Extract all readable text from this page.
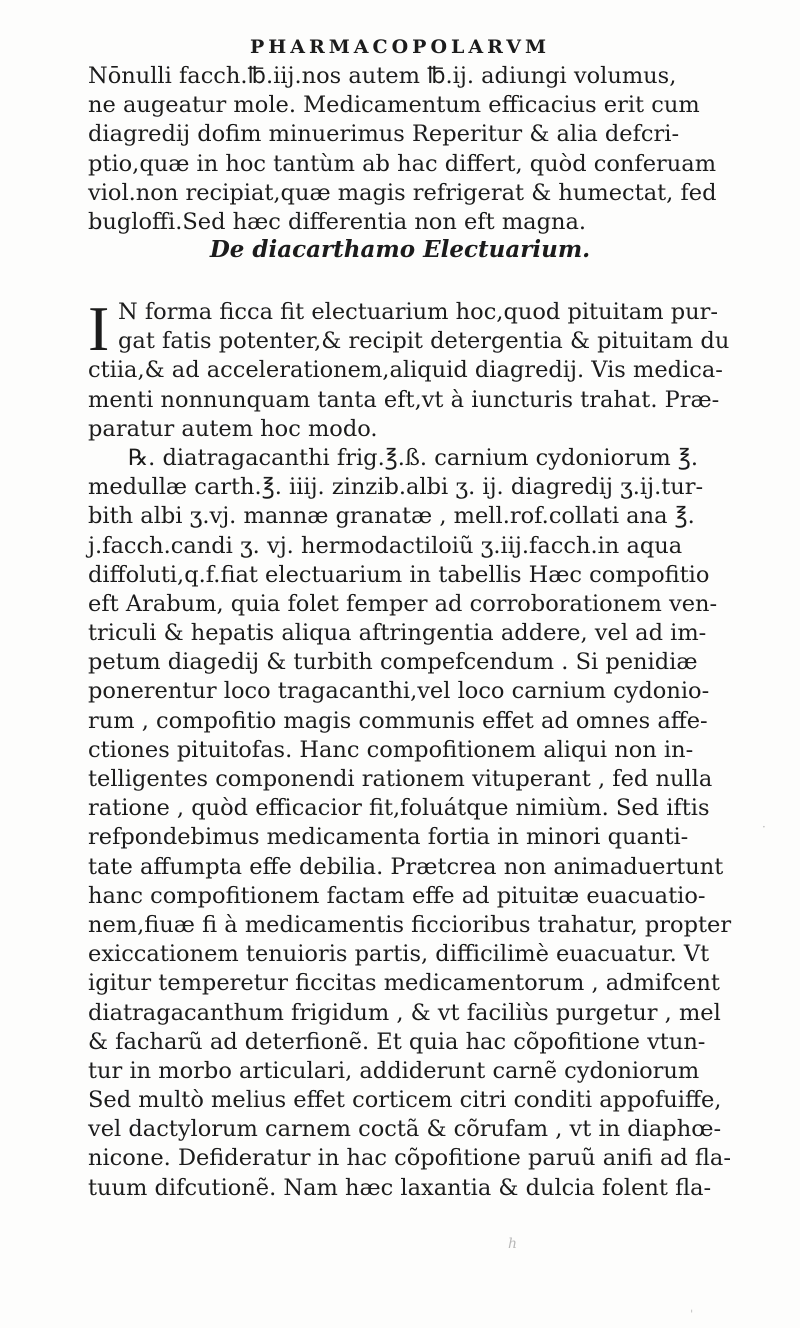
PHARMACOPOLARVM
Nōnulli facch.℔.iij.nos autem ℔.ij. adiungi volumus,
ne augeatur mole. Medicamentum efficacius erit cum
diagredij dofim minuerimus Reperitur & alia defcri-
ptio,quæ in hoc tantùm ab hac differt, quòd conferuam
viol.non recipiat,quæ magis refrigerat & humectat, fed
bugloffi.Sed hæc differentia non eft magna.
De diacarthamo Electuarium.
I N forma ficca fit electuarium hoc,quod pituitam pur-
gat fatis potenter,& recipit detergentia & pituitam du
ctiia,& ad accelerationem,aliquid diagredij. Vis medica-
menti nonnunquam tanta eft,vt à iuncturis trahat. Præ-
paratur autem hoc modo.
℞. diatragacanthi frig.℥.ß. carnium cydoniorum ℥.
medullæ carth.℥. iiij. zinzib.albi ʒ. ij. diagredij ʒ.ij.tur-
bith albi ʒ.vj. mannæ granatæ , mell.rof.collati ana ℥.
j.facch.candi ʒ. vj. hermodactiloiũ ʒ.iij.facch.in aqua
diffoluti,q.f.fiat electuarium in tabellis Hæc compofitio
eft Arabum, quia folet femper ad corroborationem ven-
triculi & hepatis aliqua aftringentia addere, vel ad im-
petum diagedij & turbith compefcendum . Si penidiæ
ponerentur loco tragacanthi,vel loco carnium cydonio-
rum , compofitio magis communis effet ad omnes affe-
ctiones pituitofas. Hanc compofitionem aliqui non in-
telligentes componendi rationem vituperant , fed nulla
ratione , quòd efficacior fit,foluátque nimiùm. Sed iftis
refpondebimus medicamenta fortia in minori quanti-
tate affumpta effe debilia. Prætcrea non animaduertunt
hanc compofitionem factam effe ad pituitæ euacuatio-
nem,fiuæ fi à medicamentis ficcioribus trahatur, propter
exiccationem tenuioris partis, difficilimè euacuatur. Vt
igitur temperetur ficcitas medicamentorum , admifcent
diatragacanthum frigidum , & vt faciliùs purgetur , mel
& facharũ ad deterfionẽ. Et quia hac cõpofitione vtun-
tur in morbo articulari, addiderunt carnẽ cydoniorum
Sed multò melius effet corticem citri conditi appofuiffe,
vel dactylorum carnem coctã & cõrufam , vt in diaphœ-
nicone. Defideratur in hac cõpofitione paruũ anifi ad fla-
tuum difcutionẽ. Nam hæc laxantia & dulcia folent fla-
h
·
ˌ
